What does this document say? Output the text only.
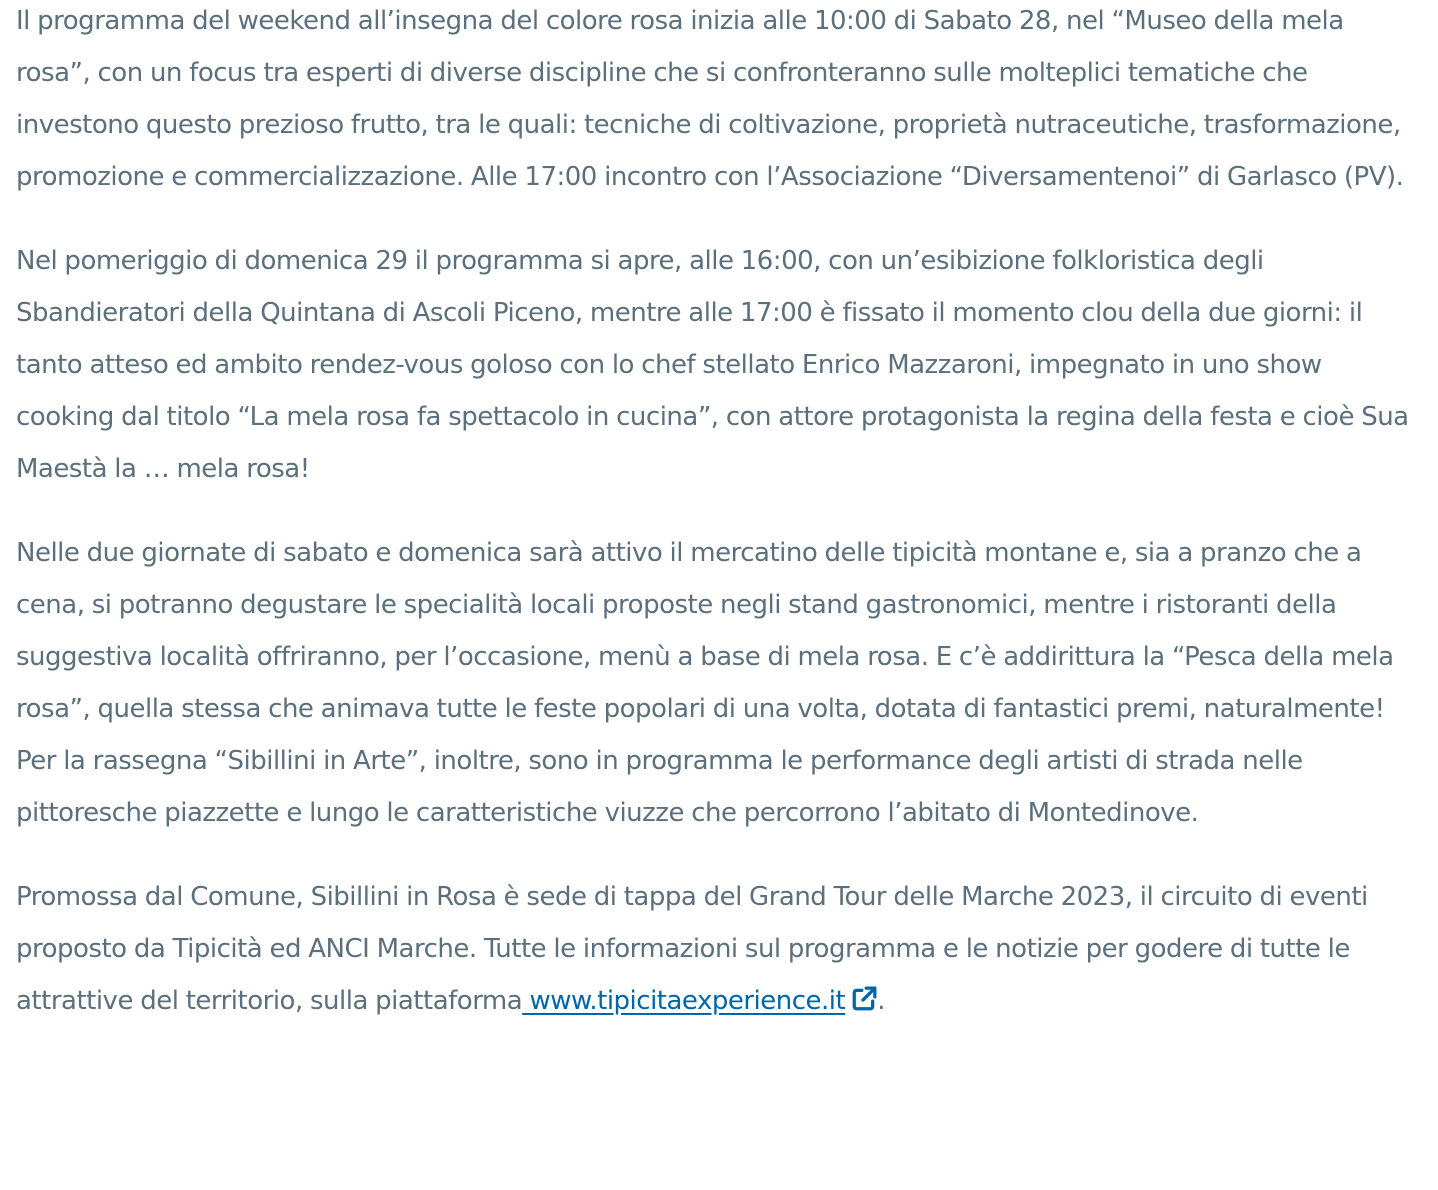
Il programma del weekend all’insegna del colore rosa inizia alle 10:00 di Sabato 28, nel “Museo della mela rosa”, con un focus tra esperti di diverse discipline che si confronteranno sulle molteplici tematiche che investono questo prezioso frutto, tra le quali: tecniche di coltivazione, proprietà nutraceutiche, trasformazione, promozione e commercializzazione. Alle 17:00 incontro con l’Associazione “Diversamentenoi” di Garlasco (PV).

Nel pomeriggio di domenica 29 il programma si apre, alle 16:00, con un’esibizione folkloristica degli Sbandieratori della Quintana di Ascoli Piceno, mentre alle 17:00 è fissato il momento clou della due giorni: il tanto atteso ed ambito rendez-vous goloso con lo chef stellato Enrico Mazzaroni, impegnato in uno show cooking dal titolo “La mela rosa fa spettacolo in cucina”, con attore protagonista la regina della festa e cioè Sua Maestà la … mela rosa!

Nelle due giornate di sabato e domenica sarà attivo il mercatino delle tipicità montane e, sia a pranzo che a cena, si potranno degustare le specialità locali proposte negli stand gastronomici, mentre i ristoranti della suggestiva località offriranno, per l’occasione, menù a base di mela rosa. E c’è addirittura la “Pesca della mela rosa”, quella stessa che animava tutte le feste popolari di una volta, dotata di fantastici premi, naturalmente! Per la rassegna “Sibillini in Arte”, inoltre, sono in programma le performance degli artisti di strada nelle pittoresche piazzette e lungo le caratteristiche viuzze che percorrono l’abitato di Montedinove.

Promossa dal Comune, Sibillini in Rosa è sede di tappa del Grand Tour delle Marche 2023, il circuito di eventi proposto da Tipicità ed ANCI Marche. Tutte le informazioni sul programma e le notizie per godere di tutte le attrattive del territorio, sulla piattaforma www.tipicitaexperience.it .
